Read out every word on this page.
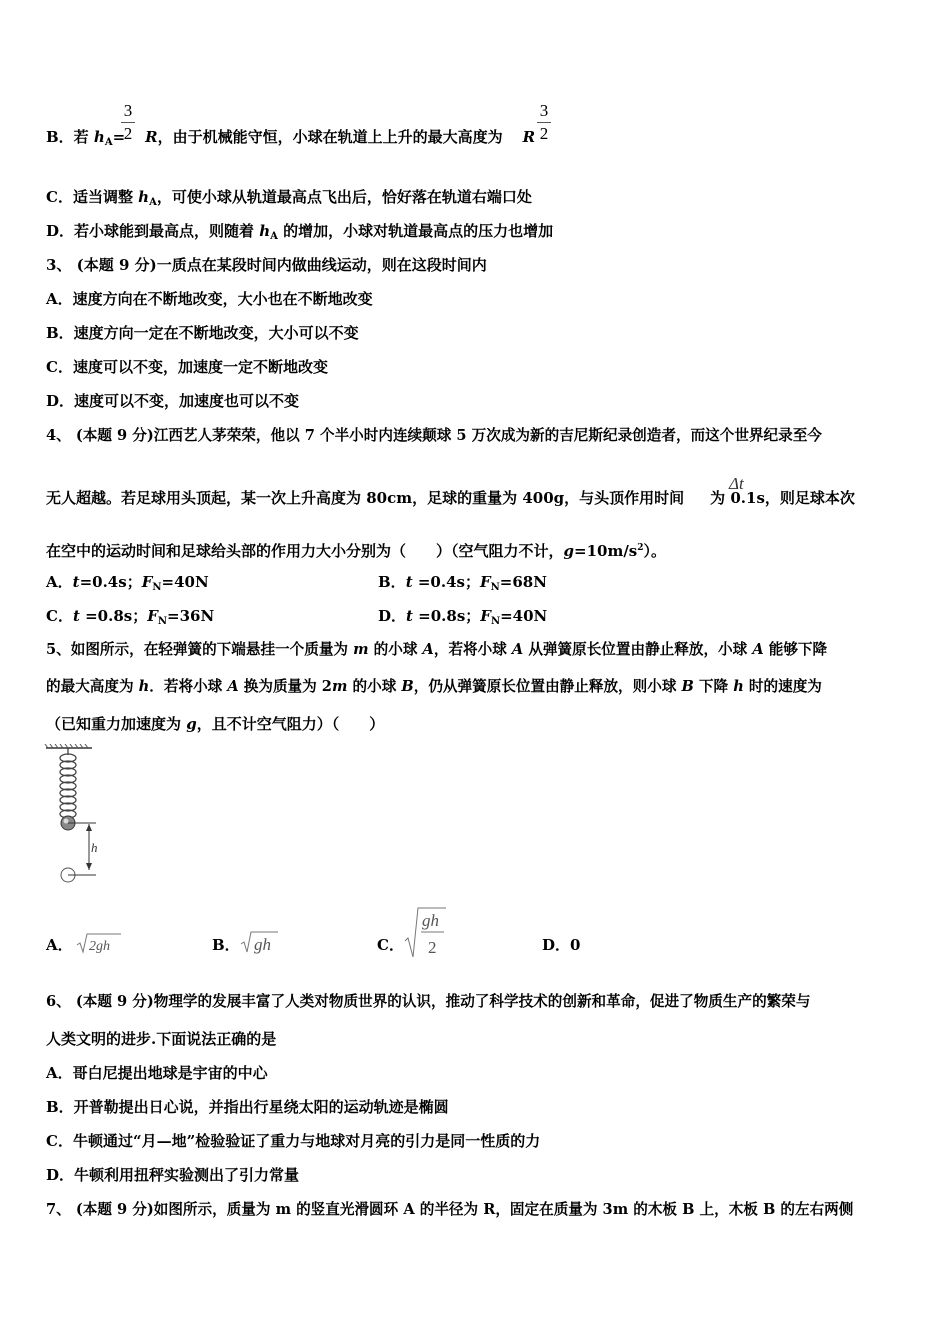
B．若 $h_A= R$，由于机械能守恒，小球在轨道上上升的最大高度为 R
3
2
3
2
C．适当调整 $h_A$，可使小球从轨道最高点飞出后，恰好落在轨道右端口处
D．若小球能到最高点，则随着 $h_A$ 的增加，小球对轨道最高点的压力也增加
3、 (本题 9 分)一质点在某段时间内做曲线运动，则在这段时间内
A．速度方向在不断地改变，大小也在不断地改变
B．速度方向一定在不断地改变，大小可以不变
C．速度可以不变，加速度一定不断地改变
D．速度可以不变，加速度也可以不变
4、 (本题 9 分)江西艺人茅荣荣，他以 7 个半小时内连续颠球 5 万次成为新的吉尼斯纪录创造者，而这个世界纪录至今
无人超越。若足球用头顶起，某一次上升高度为 80cm，足球的重量为 400g，与头顶作用时间 为 0.1s，则足球本次
Δt
在空中的运动时间和足球给头部的作用力大小分别为（　　）（空气阻力不计，$g=10m/s^2$）。
A．t=0.4s；$F_N=40N$	B．t =0.4s；$F_N=68N$
C．t =0.8s；$F_N=36N$	D．t =0.8s；$F_N=40N$
5、如图所示，在轻弹簧的下端悬挂一个质量为 m 的小球 A，若将小球 A 从弹簧原长位置由静止释放，小球 A 能够下降
的最大高度为 h．若将小球 A 换为质量为 2m 的小球 B，仍从弹簧原长位置由静止释放，则小球 B 下降 h 时的速度为
（已知重力加速度为 g，且不计空气阻力）（　　）
h
A． 2gh	B． gh	C．
gh
2	D．0
6、 (本题 9 分)物理学的发展丰富了人类对物质世界的认识，推动了科学技术的创新和革命，促进了物质生产的繁荣与
人类文明的进步.下面说法正确的是
A．哥白尼提出地球是宇宙的中心
B．开普勒提出日心说，并指出行星绕太阳的运动轨迹是椭圆
C．牛顿通过“月—地”检验验证了重力与地球对月亮的引力是同一性质的力
D．牛顿利用扭秤实验测出了引力常量
7、 (本题 9 分)如图所示，质量为 m 的竖直光滑圆环 A 的半径为 R，固定在质量为 3m 的木板 B 上，木板 B 的左右两侧
